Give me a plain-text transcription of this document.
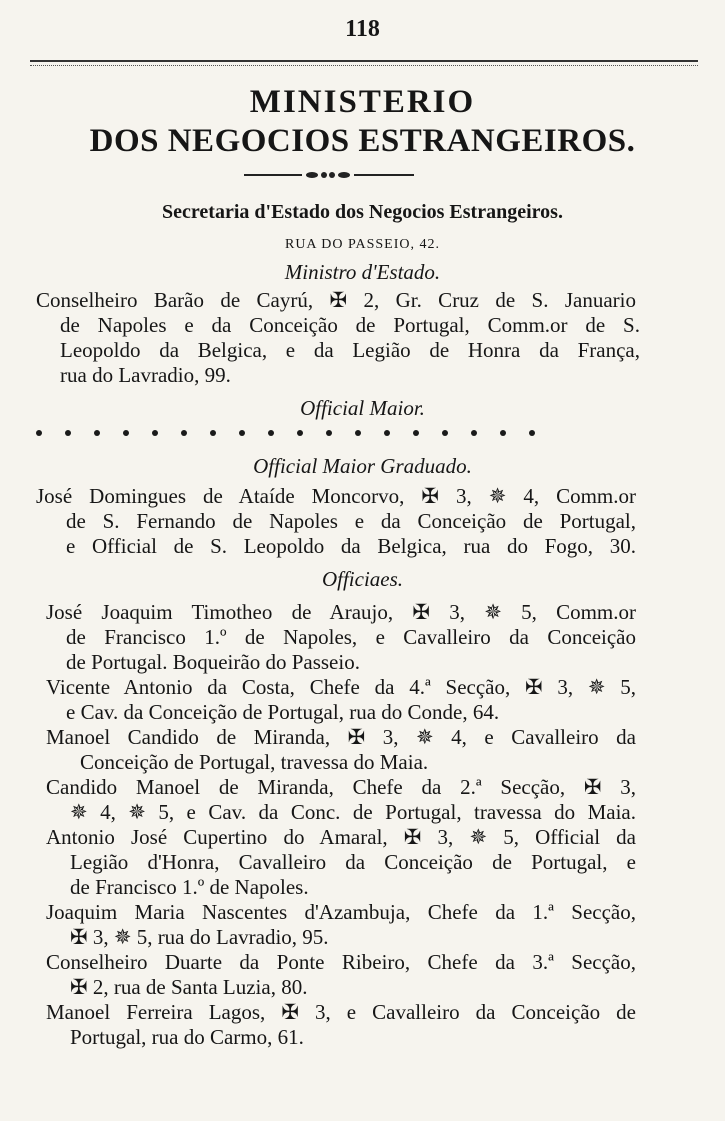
118
MINISTERIO
DOS NEGOCIOS ESTRANGEIROS.
Secretaria d'Estado dos Negocios Estrangeiros.
RUA DO PASSEIO, 42.
Ministro d'Estado.
Conselheiro Barão de Cayrú, ✠ 2, Gr. Cruz de S. Januario
de Napoles e da Conceição de Portugal, Comm.or de S.
Leopoldo da Belgica, e da Legião de Honra da França,
rua do Lavradio, 99.
Official Maior.
Official Maior Graduado.
José Domingues de Ataíde Moncorvo, ✠ 3, ✵ 4, Comm.or
de S. Fernando de Napoles e da Conceição de Portugal,
e Official de S. Leopoldo da Belgica, rua do Fogo, 30.
Officiaes.
José Joaquim Timotheo de Araujo, ✠ 3, ✵ 5, Comm.or
de Francisco 1.º de Napoles, e Cavalleiro da Conceição
de Portugal. Boqueirão do Passeio.
Vicente Antonio da Costa, Chefe da 4.ª Secção, ✠ 3, ✵ 5,
e Cav. da Conceição de Portugal, rua do Conde, 64.
Manoel Candido de Miranda, ✠ 3, ✵ 4, e Cavalleiro da
Conceição de Portugal, travessa do Maia.
Candido Manoel de Miranda, Chefe da 2.ª Secção, ✠ 3,
✵ 4, ✵ 5, e Cav. da Conc. de Portugal, travessa do Maia.
Antonio José Cupertino do Amaral, ✠ 3, ✵ 5, Official da
Legião d'Honra, Cavalleiro da Conceição de Portugal, e
de Francisco 1.º de Napoles.
Joaquim Maria Nascentes d'Azambuja, Chefe da 1.ª Secção,
✠ 3, ✵ 5, rua do Lavradio, 95.
Conselheiro Duarte da Ponte Ribeiro, Chefe da 3.ª Secção,
✠ 2, rua de Santa Luzia, 80.
Manoel Ferreira Lagos, ✠ 3, e Cavalleiro da Conceição de
Portugal, rua do Carmo, 61.
